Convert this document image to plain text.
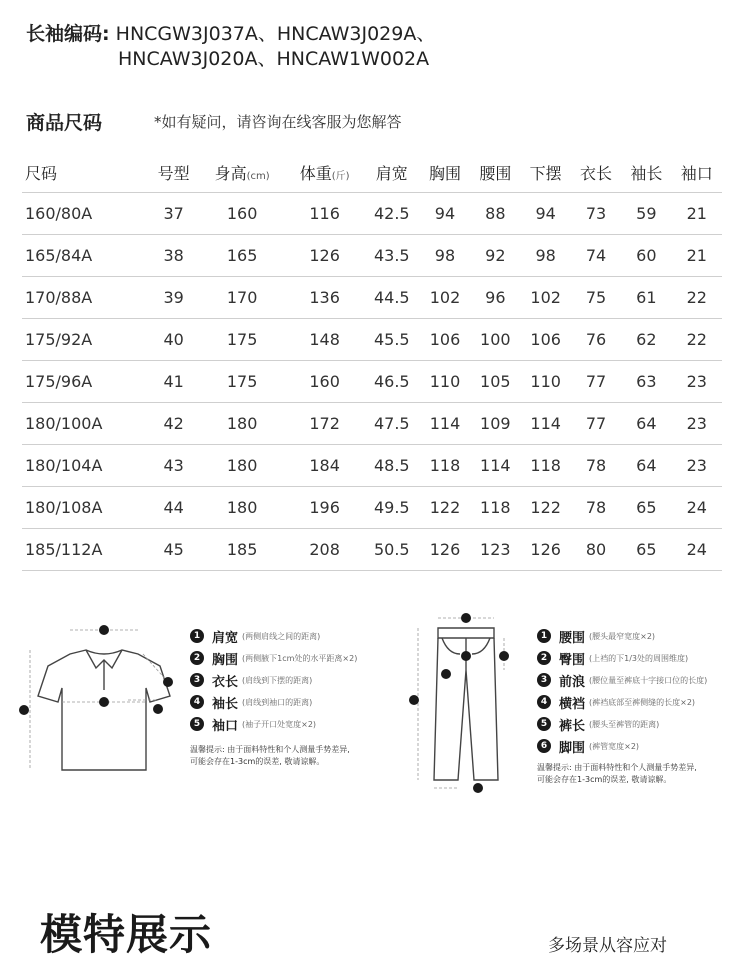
长袖编码: HNCGW3J037A、HNCAW3J029A、
HNCAW3J020A、HNCAW1W002A
商品尺码	*如有疑问，请咨询在线客服为您解答
尺码	号型	身高(cm)	体重(斤)	肩宽	胸围	腰围	下摆	衣长	袖长	袖口
160/80A	37	160	116	42.5	94	88	94	73	59	21
165/84A	38	165	126	43.5	98	92	98	74	60	21
170/88A	39	170	136	44.5	102	96	102	75	61	22
175/92A	40	175	148	45.5	106	100	106	76	62	22
175/96A	41	175	160	46.5	110	105	110	77	63	23
180/100A	42	180	172	47.5	114	109	114	77	64	23
180/104A	43	180	184	48.5	118	114	118	78	64	23
180/108A	44	180	196	49.5	122	118	122	78	65	24
185/112A	45	185	208	50.5	126	123	126	80	65	24
1 肩宽 (两侧肩线之间的距离)
2 胸围 (两侧腋下1cm处的水平距离×2)
3 衣长 (肩线到下摆的距离)
4 袖长 (肩线到袖口的距离)
5 袖口 (袖子开口处宽度×2)
温馨提示: 由于面料特性和个人测量手势差异,
可能会存在1-3cm的误差, 敬请谅解。
1 腰围 (腰头最窄宽度×2)
2 臀围 (上裆的下1/3处的周围维度)
3 前浪 (腰位量至裤底十字接口位的长度)
4 横裆 (裤裆底部至裤侧缝的长度×2)
5 裤长 (腰头至裤管的距离)
6 脚围 (裤管宽度×2)
温馨提示: 由于面料特性和个人测量手势差异,
可能会存在1-3cm的误差, 敬请谅解。
模特展示	多场景从容应对
